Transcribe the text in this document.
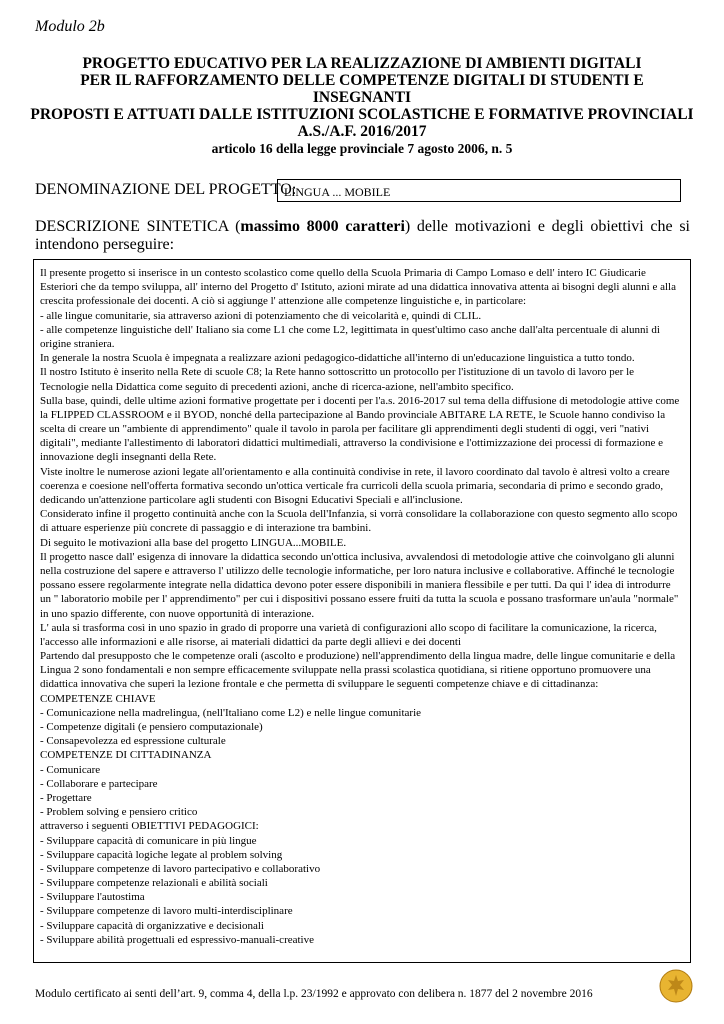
Modulo 2b
PROGETTO EDUCATIVO PER LA REALIZZAZIONE DI AMBIENTI DIGITALI
PER IL RAFFORZAMENTO DELLE COMPETENZE DIGITALI DI STUDENTI E INSEGNANTI
PROPOSTI E ATTUATI DALLE ISTITUZIONI SCOLASTICHE E FORMATIVE PROVINCIALI
A.S./A.F. 2016/2017
articolo 16 della legge provinciale 7 agosto 2006, n. 5
DENOMINAZIONE DEL PROGETTO:
LINGUA ... MOBILE
DESCRIZIONE SINTETICA (massimo 8000 caratteri) delle motivazioni e degli obiettivi che si intendono perseguire:
Il presente progetto si inserisce in un contesto scolastico come quello della Scuola Primaria di Campo Lomaso e dell' intero IC Giudicarie Esteriori che da tempo sviluppa, all' interno del Progetto d' Istituto, azioni mirate ad una didattica innovativa attenta ai bisogni degli alunni e alla crescita professionale dei docenti. A ciò si aggiunge l' attenzione alle competenze linguistiche e, in particolare:
- alle lingue comunitarie, sia attraverso azioni di potenziamento che di veicolarità e, quindi di CLIL.
- alle competenze linguistiche dell' Italiano sia come L1 che come L2, legittimata in quest'ultimo caso anche dall'alta percentuale di alunni di origine straniera.
In generale la nostra Scuola è impegnata a realizzare azioni pedagogico-didattiche all'interno di un'educazione linguistica a tutto tondo.
Il nostro Istituto è inserito nella Rete di scuole C8; la Rete hanno sottoscritto un protocollo per l'istituzione di un tavolo di lavoro per le Tecnologie nella Didattica come seguito di precedenti azioni, anche di ricerca-azione, nell'ambito specifico.
Sulla base, quindi, delle ultime azioni formative progettate per i docenti per l'a.s. 2016-2017 sul tema della diffusione di metodologie attive come la FLIPPED CLASSROOM e il BYOD, nonché della partecipazione al Bando provinciale ABITARE LA RETE, le Scuole hanno condiviso la scelta di creare un "ambiente di apprendimento" quale il tavolo in parola per facilitare gli apprendimenti degli studenti di oggi, veri "nativi digitali", mediante l'allestimento di laboratori didattici multimediali, attraverso la condivisione e l'ottimizzazione dei processi di formazione e innovazione degli insegnanti della Rete.
Viste inoltre le numerose azioni legate all'orientamento e alla continuità condivise in rete, il lavoro coordinato dal tavolo è altresì volto a creare coerenza e coesione nell'offerta formativa secondo un'ottica verticale fra curricoli della scuola primaria, secondaria di primo e secondo grado, dedicando un'attenzione particolare agli studenti con Bisogni Educativi Speciali e all'inclusione.
Considerato infine il progetto continuità anche con la Scuola dell'Infanzia, si vorrà consolidare la collaborazione con questo segmento allo scopo di attuare esperienze più concrete di passaggio e di interazione tra bambini.
Di seguito le motivazioni alla base del progetto LINGUA...MOBILE.
Il progetto nasce dall' esigenza di innovare la didattica secondo un'ottica inclusiva, avvalendosi di metodologie attive che coinvolgano gli alunni nella costruzione del sapere e attraverso l' utilizzo delle tecnologie informatiche, per loro natura inclusive e collaborative. Affinché le tecnologie possano essere regolarmente integrate nella didattica devono poter essere disponibili in maniera flessibile e per tutti. Da qui l' idea di introdurre un " laboratorio mobile per l' apprendimento" per cui i dispositivi possano essere fruiti da tutta la scuola e possano trasformare un'aula "normale" in uno spazio differente, con nuove opportunità di interazione.
L' aula si trasforma così in uno spazio in grado di proporre una varietà di configurazioni allo scopo di facilitare la comunicazione, la ricerca, l'accesso alle informazioni e alle risorse, ai materiali didattici da parte degli allievi e dei docenti
Partendo dal presupposto che le competenze orali (ascolto e produzione) nell'apprendimento della lingua madre, delle lingue comunitarie e della Lingua 2 sono fondamentali e non sempre efficacemente sviluppate nella prassi scolastica quotidiana, si ritiene opportuno promuovere una didattica innovativa che superi la lezione frontale e che permetta di sviluppare le seguenti competenze chiave e di cittadinanza:
COMPETENZE CHIAVE
- Comunicazione nella madrelingua, (nell'Italiano come L2) e nelle lingue comunitarie
- Competenze digitali (e pensiero computazionale)
- Consapevolezza ed espressione culturale
COMPETENZE DI CITTADINANZA
- Comunicare
- Collaborare e partecipare
- Progettare
- Problem solving e pensiero critico
attraverso i seguenti OBIETTIVI PEDAGOGICI:
- Sviluppare capacità di comunicare in più lingue
- Sviluppare capacità logiche legate al problem solving
- Sviluppare competenze di lavoro partecipativo e collaborativo
- Sviluppare competenze relazionali e abilità sociali
- Sviluppare l'autostima
- Sviluppare competenze di lavoro multi-interdisciplinare
- Sviluppare capacità di organizzative e decisionali
- Sviluppare abilità progettuali ed espressivo-manuali-creative
Modulo certificato ai senti dell’art. 9, comma 4, della l.p. 23/1992 e approvato con delibera n. 1877 del 2 novembre 2016
